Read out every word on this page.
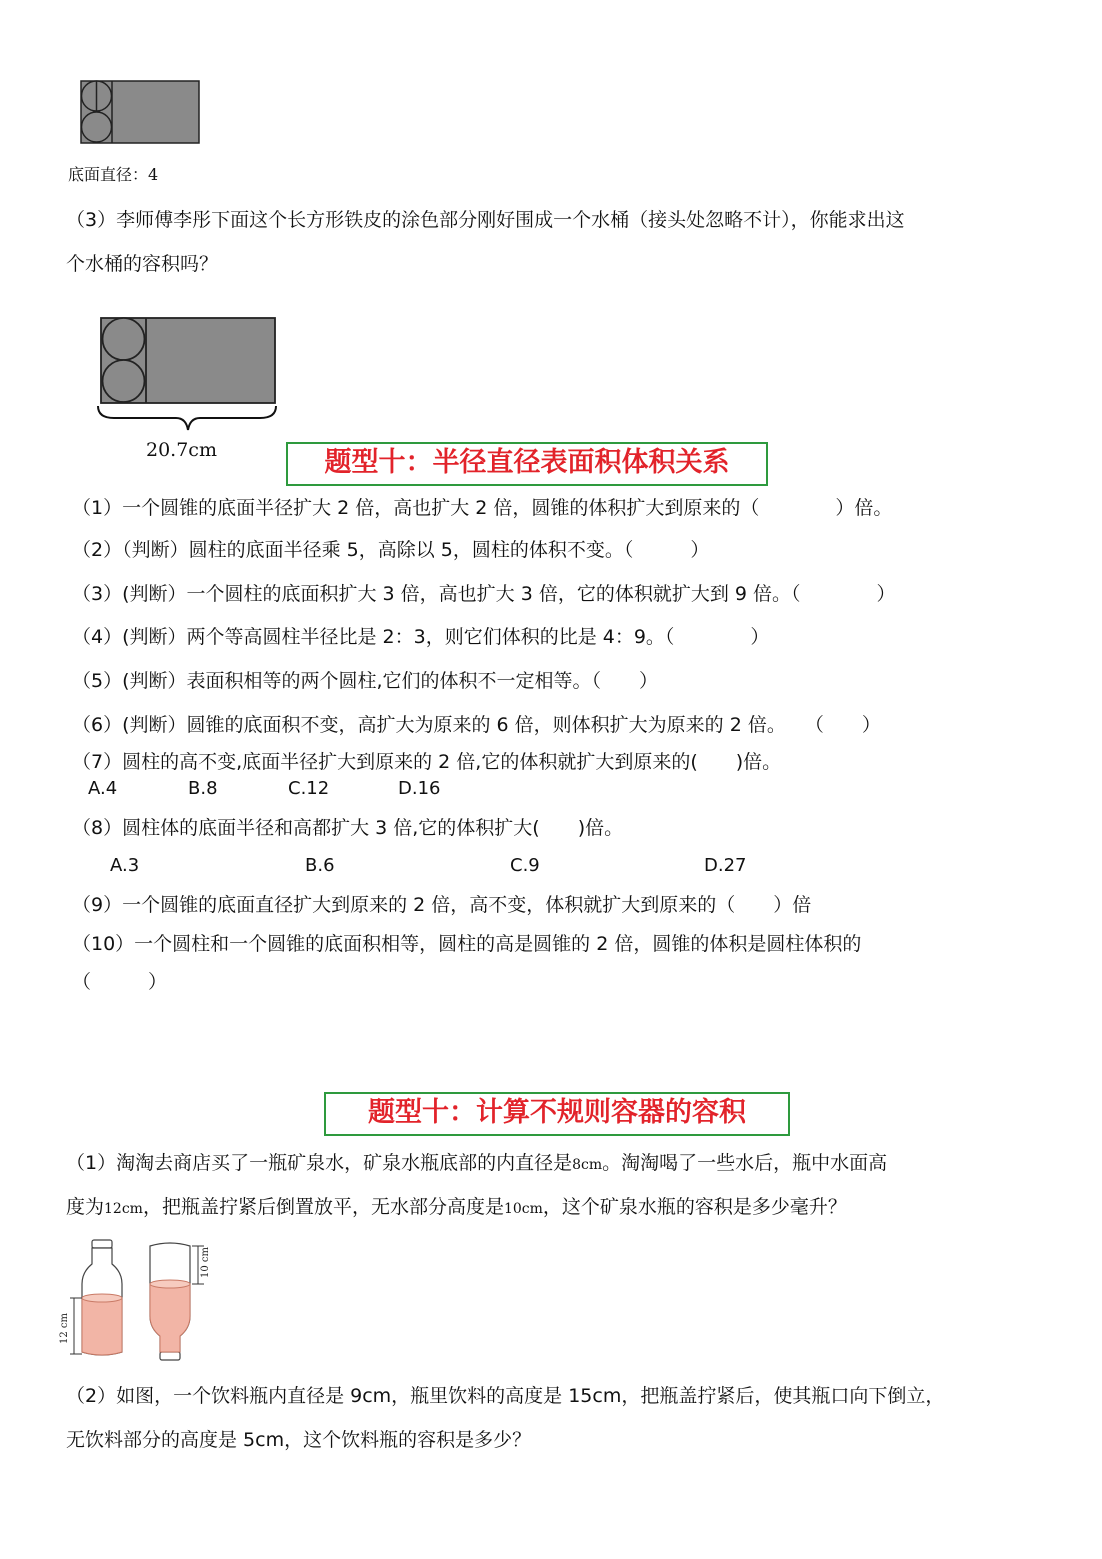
底面直径：4
（3）李师傅李彤下面这个长方形铁皮的涂色部分刚好围成一个水桶（接头处忽略不计），你能求出这
个水桶的容积吗？
20.7cm	题型十：半径直径表面积体积关系
（1）一个圆锥的底面半径扩大 2 倍，高也扩大 2 倍，圆锥的体积扩大到原来的（　　　　）倍。
（2）（判断）圆柱的底面半径乘 5，高除以 5，圆柱的体积不变。（　　　）
（3）(判断）一个圆柱的底面积扩大 3 倍，高也扩大 3 倍，它的体积就扩大到 9 倍。（　　　　）
（4）(判断）两个等高圆柱半径比是 2：3，则它们体积的比是 4：9。（　　　　）
（5）(判断）表面积相等的两个圆柱,它们的体积不一定相等。（　　）
（6）(判断）圆锥的底面积不变，高扩大为原来的 6 倍，则体积扩大为原来的 2 倍。　　（　　）
（7）圆柱的高不变,底面半径扩大到原来的 2 倍,它的体积就扩大到原来的(　　)倍。
A.4	B.8	C.12	D.16
（8）圆柱体的底面半径和高都扩大 3 倍,它的体积扩大(　　)倍。
A.3	B.6	C.9	D.27
（9）一个圆锥的底面直径扩大到原来的 2 倍，高不变，体积就扩大到原来的（　　）倍
（10）一个圆柱和一个圆锥的底面积相等，圆柱的高是圆锥的 2 倍，圆锥的体积是圆柱体积的
（　　　）
题型十：计算不规则容器的容积
（1）淘淘去商店买了一瓶矿泉水，矿泉水瓶底部的内直径是8cm。淘淘喝了一些水后，瓶中水面高
度为12cm，把瓶盖拧紧后倒置放平，无水部分高度是10cm，这个矿泉水瓶的容积是多少毫升？
12 cm
10 cm
（2）如图，一个饮料瓶内直径是 9cm，瓶里饮料的高度是 15cm，把瓶盖拧紧后，使其瓶口向下倒立，
无饮料部分的高度是 5cm，这个饮料瓶的容积是多少？
